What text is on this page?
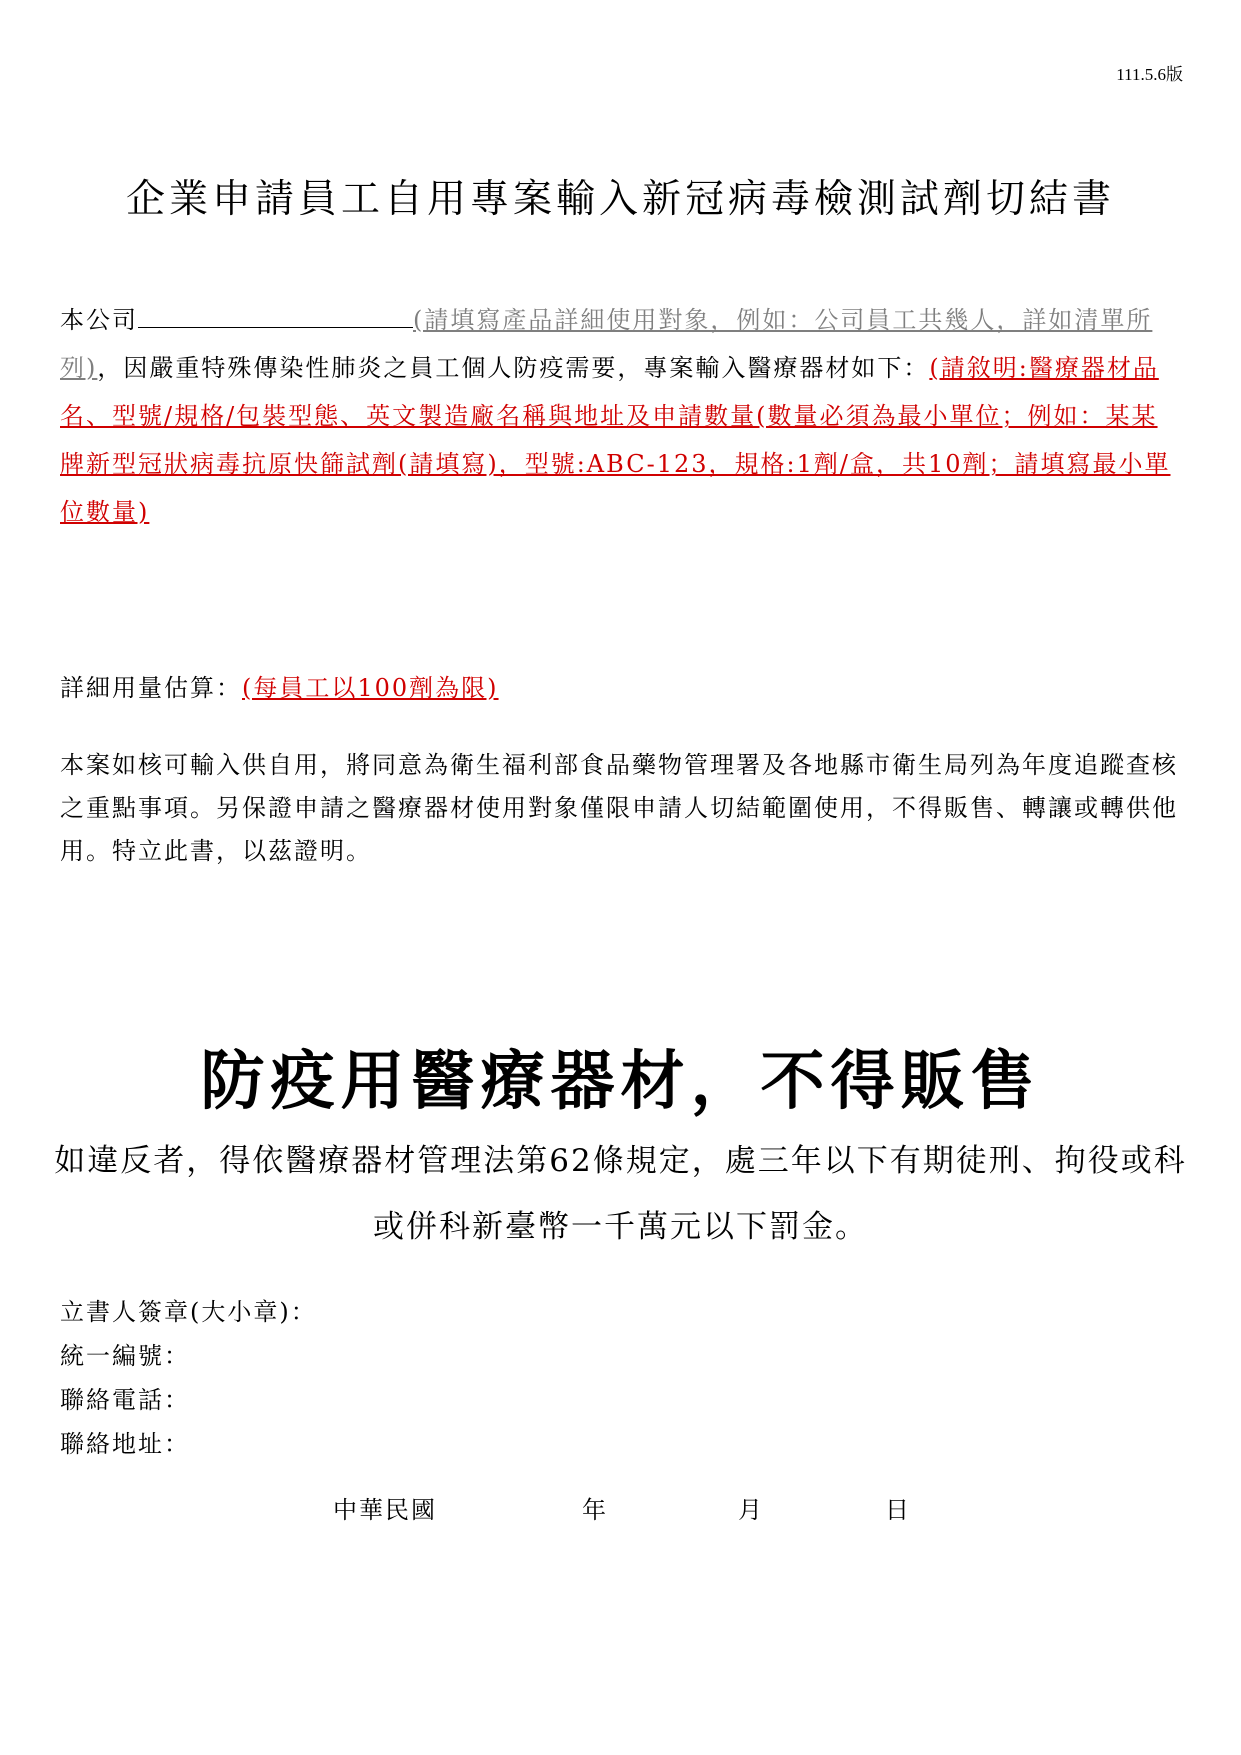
111.5.6版
企業申請員工自用專案輸入新冠病毒檢測試劑切結書
本公司	(請填寫產品詳細使用對象，例如：公司員工共幾人，詳如清單所列)，因嚴重特殊傳染性肺炎之員工個人防疫需要，專案輸入醫療器材如下：(請敘明:醫療器材品名、型號/規格/包裝型態、英文製造廠名稱與地址及申請數量(數量必須為最小單位；例如：某某牌新型冠狀病毒抗原快篩試劑(請填寫)，型號:ABC-123，規格:1劑/盒，共10劑；請填寫最小單位數量)
詳細用量估算：(每員工以100劑為限)
本案如核可輸入供自用，將同意為衛生福利部食品藥物管理署及各地縣市衛生局列為年度追蹤查核之重點事項。另保證申請之醫療器材使用對象僅限申請人切結範圍使用，不得販售、轉讓或轉供他用。特立此書，以茲證明。
防疫用醫療器材，不得販售
如違反者，得依醫療器材管理法第62條規定，處三年以下有期徒刑、拘役或科或併科新臺幣一千萬元以下罰金。
立書人簽章(大小章)：
統一編號：
聯絡電話：
聯絡地址：
中華民國	年	月	日
